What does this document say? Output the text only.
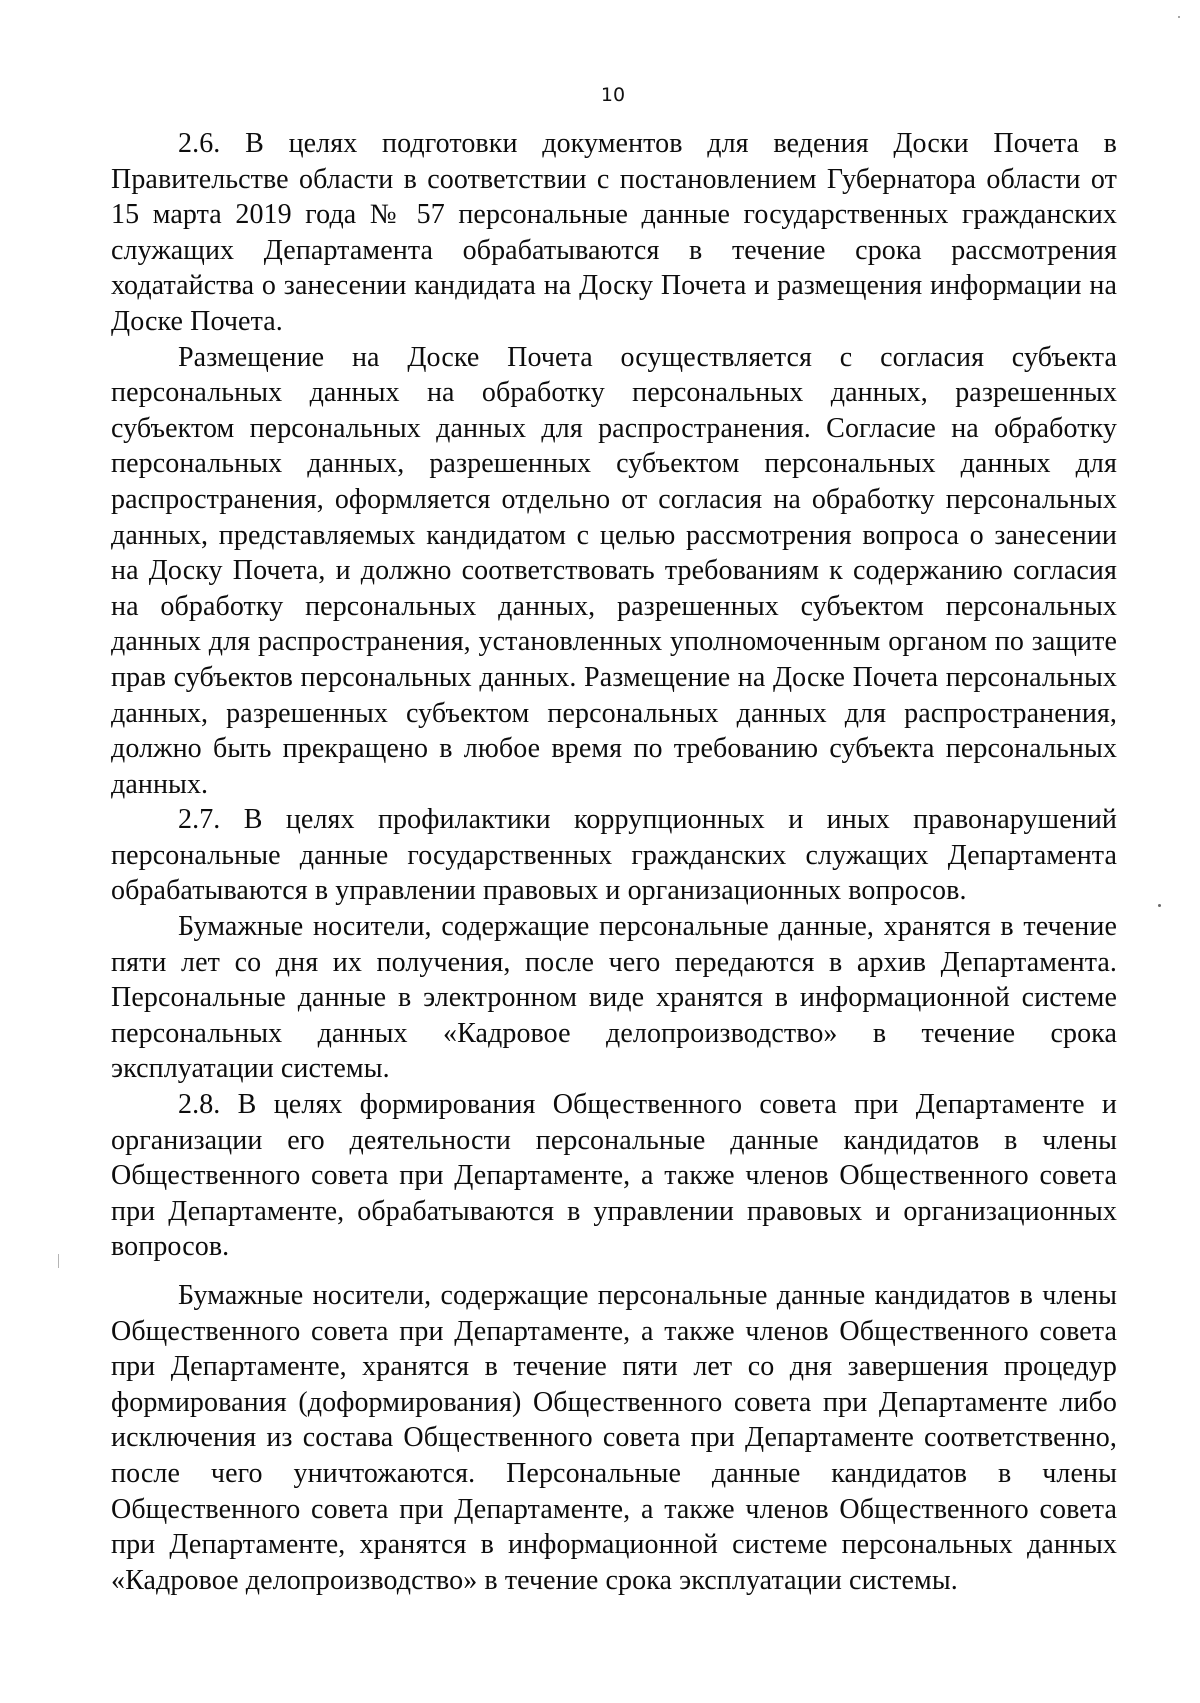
10

2.6. В целях подготовки документов для ведения Доски Почета в Правительстве области в соответствии с постановлением Губернатора области от 15 марта 2019 года № 57 персональные данные государственных гражданских служащих Департамента обрабатываются в течение срока рассмотрения ходатайства о занесении кандидата на Доску Почета и размещения информации на Доске Почета.

Размещение на Доске Почета осуществляется с согласия субъекта персональных данных на обработку персональных данных, разрешенных субъектом персональных данных для распространения. Согласие на обработку персональных данных, разрешенных субъектом персональных данных для распространения, оформляется отдельно от согласия на обработку персональных данных, представляемых кандидатом с целью рассмотрения вопроса о занесении на Доску Почета, и должно соответствовать требованиям к содержанию согласия на обработку персональных данных, разрешенных субъектом персональных данных для распространения, установленных уполномоченным органом по защите прав субъектов персональных данных. Размещение на Доске Почета персональных данных, разрешенных субъектом персональных данных для распространения, должно быть прекращено в любое время по требованию субъекта персональных данных.

2.7. В целях профилактики коррупционных и иных правонарушений персональные данные государственных гражданских служащих Департамента обрабатываются в управлении правовых и организационных вопросов.

Бумажные носители, содержащие персональные данные, хранятся в течение пяти лет со дня их получения, после чего передаются в архив Департамента. Персональные данные в электронном виде хранятся в информационной системе персональных данных «Кадровое делопроизводство» в течение срока эксплуатации системы.

2.8. В целях формирования Общественного совета при Департаменте и организации его деятельности персональные данные кандидатов в члены Общественного совета при Департаменте, а также членов Общественного совета при Департаменте, обрабатываются в управлении правовых и организационных вопросов.

Бумажные носители, содержащие персональные данные кандидатов в члены Общественного совета при Департаменте, а также членов Общественного совета при Департаменте, хранятся в течение пяти лет со дня завершения процедур формирования (доформирования) Общественного совета при Департаменте либо исключения из состава Общественного совета при Департаменте соответственно, после чего уничтожаются. Персональные данные кандидатов в члены Общественного совета при Департаменте, а также членов Общественного совета при Департаменте, хранятся в информационной системе персональных данных «Кадровое делопроизводство» в течение срока эксплуатации системы.
